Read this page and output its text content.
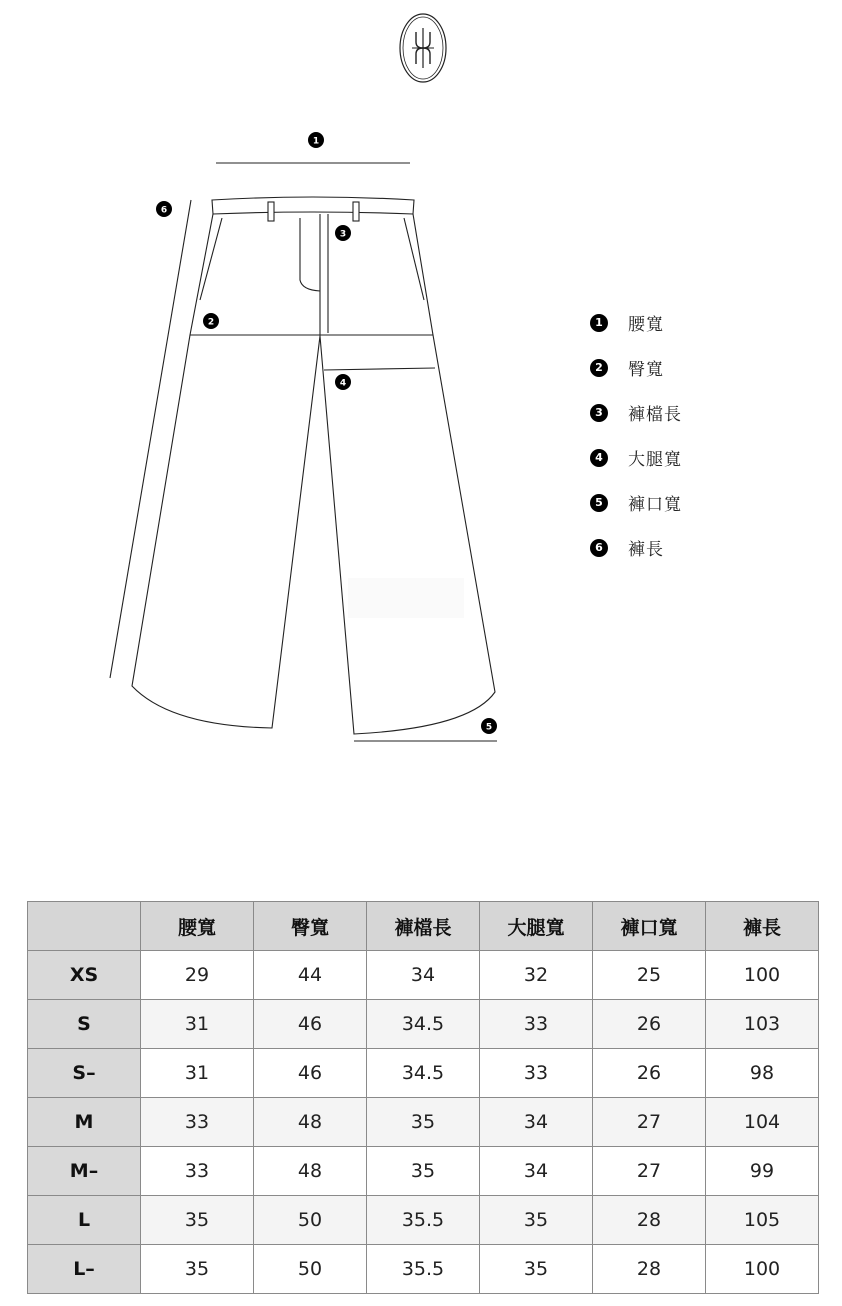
1
2
3
4
5
6
1	腰寬
2	臀寬
3	褲檔長
4	大腿寬
5	褲口寬
6	褲長
	腰寬	臀寬	褲檔長	大腿寬	褲口寬	褲長
XS	29	44	34	32	25	100
S	31	46	34.5	33	26	103
S–	31	46	34.5	33	26	98
M	33	48	35	34	27	104
M–	33	48	35	34	27	99
L	35	50	35.5	35	28	105
L–	35	50	35.5	35	28	100
